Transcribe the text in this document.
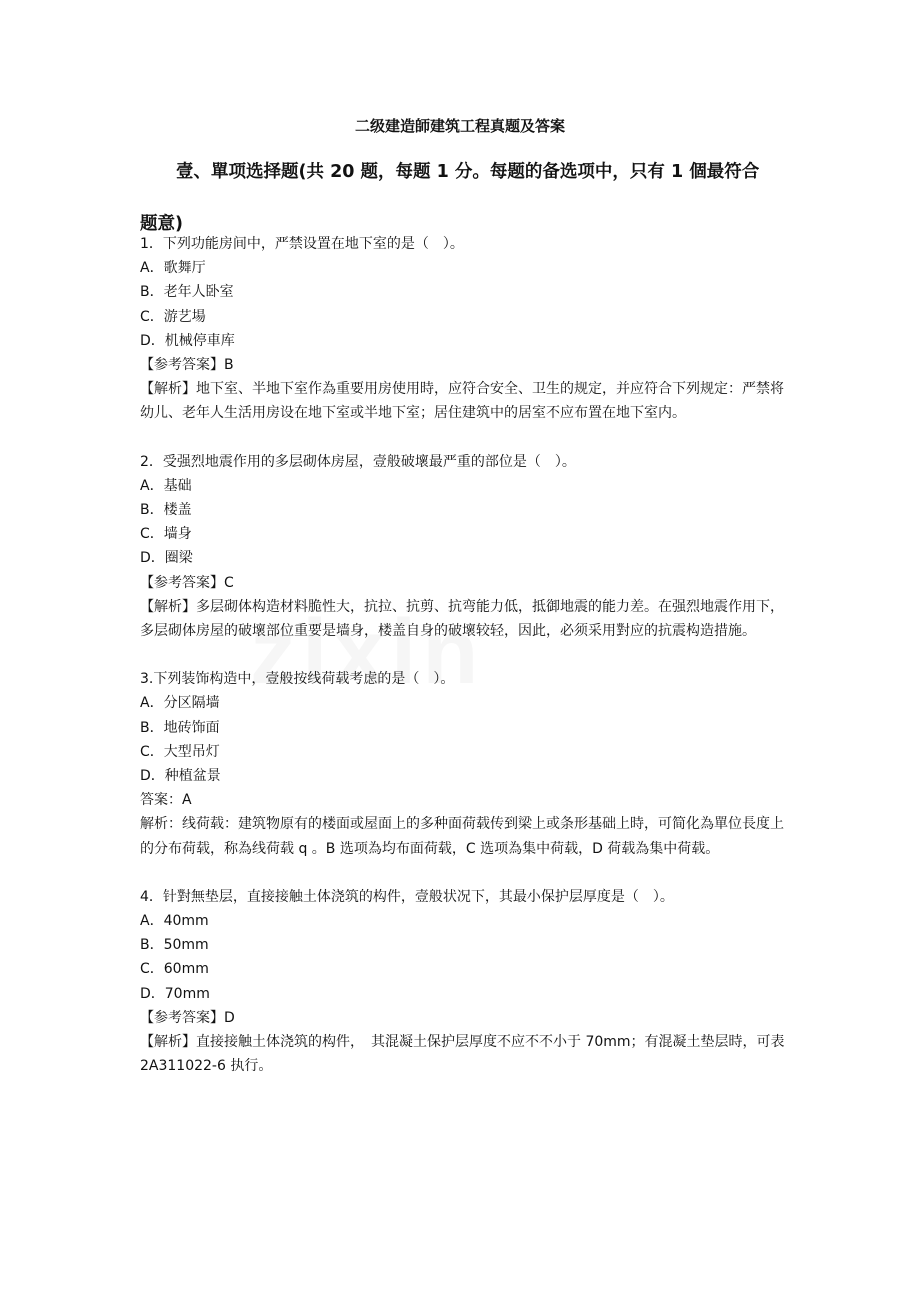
二级建造師建筑工程真题及答案
壹、單项选择题(共 20 题，每题 1 分。每题的备选项中，只有 1 個最符合
题意)
1．下列功能房间中，严禁设置在地下室的是（　）。
A．歌舞厅
B．老年人卧室
C．游艺場
D．机械停車库
【参考答案】B
【解析】地下室、半地下室作為重要用房使用時，应符合安全、卫生的规定，并应符合下列规定：严禁将幼儿、老年人生活用房设在地下室或半地下室；居住建筑中的居室不应布置在地下室内。
2．受强烈地震作用的多层砌体房屋，壹般破壞最严重的部位是（　）。
A．基础
B．楼盖
C．墙身
D．圈梁
【参考答案】C
【解析】多层砌体构造材料脆性大，抗拉、抗剪、抗弯能力低，抵御地震的能力差。在强烈地震作用下，多层砌体房屋的破壞部位重要是墙身，楼盖自身的破壞较轻，因此，必须采用對应的抗震构造措施。
3.下列装饰构造中，壹般按线荷载考虑的是（　）。
A．分区隔墙
B．地砖饰面
C．大型吊灯
D．种植盆景
答案：A
解析：线荷载：建筑物原有的楼面或屋面上的多种面荷载传到梁上或条形基础上時，可简化為單位長度上的分布荷载，称為线荷载 q 。B 选项為均布面荷载，C 选项為集中荷载，D 荷载為集中荷载。
4．针對無垫层，直接接触土体浇筑的构件，壹般状况下，其最小保护层厚度是（　）。
A．40mm
B．50mm
C．60mm
D．70mm
【参考答案】D
【解析】直接接触土体浇筑的构件，　其混凝土保护层厚度不应不不小于 70mm；有混凝土垫层時，可表 2A311022-6 执行。
